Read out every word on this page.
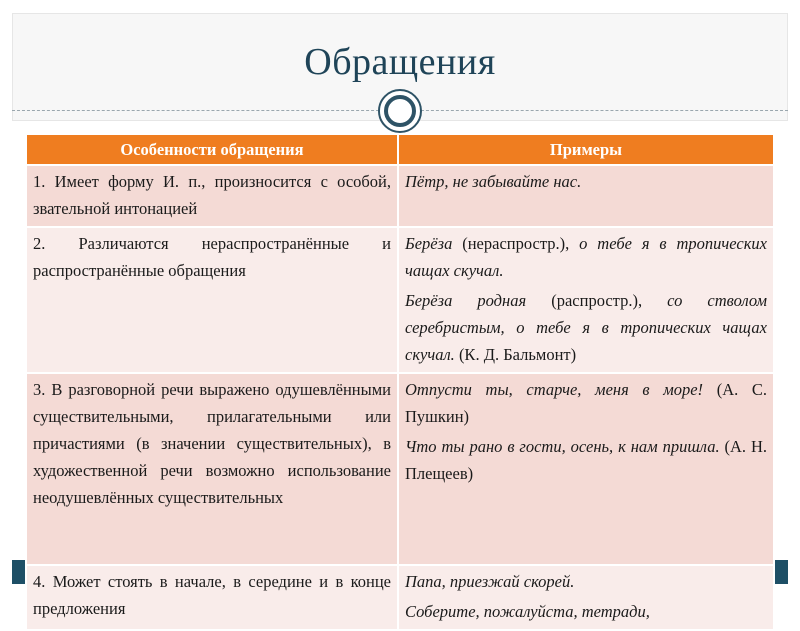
Обращения
Особенности обращения	Примеры
1. Имеет форму И. п., произносится с особой, звательной интонацией	Пётр, не забывайте нас.

2. Различаются нераспространённые и распространённые обращения	Берёза (нераспростр.), о тебе я в тропических чащах скучал.
Берёза родная (распростр.), со стволом серебристым, о тебе я в тропических чащах скучал. (К. Д. Бальмонт)

3. В разговорной речи выражено одушевлёнными существительными, прилагательными или причастиями (в значении существительных), в художественной речи возможно использование неодушевлённых существительных	Отпусти ты, старче, меня в море! (А. С. Пушкин)
Что ты рано в гости, осень, к нам пришла. (А. Н. Плещеев)

4. Может стоять в начале, в середине и в конце предложения	Папа, приезжай скорей.
Соберите, пожалуйста, тетради,
